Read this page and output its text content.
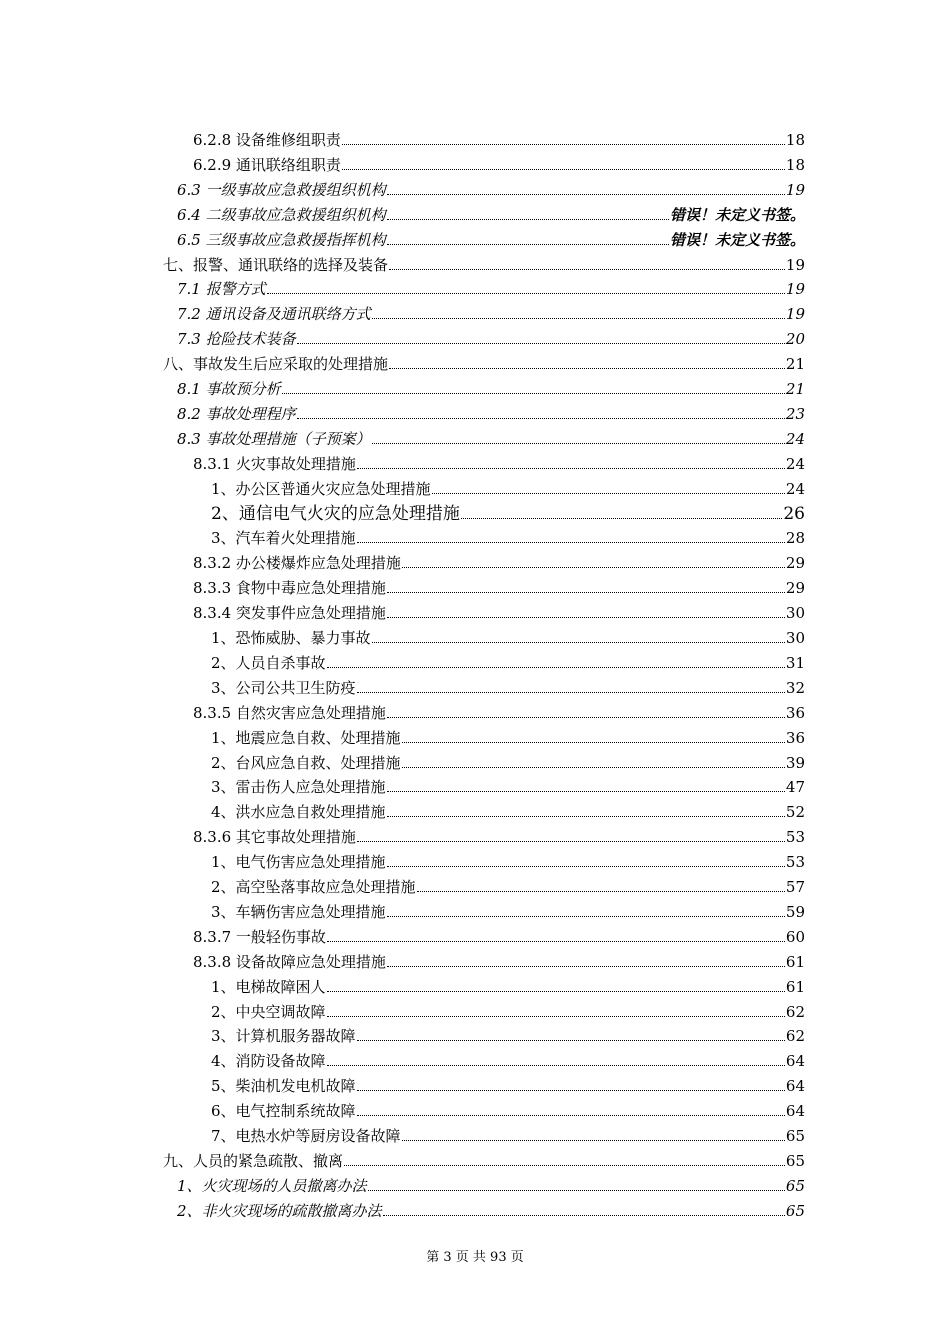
6.2.8 设备维修组职责	18
6.2.9 通讯联络组职责	18
6.3 一级事故应急救援组织机构	19
6.4 二级事故应急救援组织机构	错误！未定义书签。
6.5 三级事故应急救援指挥机构	错误！未定义书签。
七、报警、通讯联络的选择及装备	19
7.1 报警方式	19
7.2 通讯设备及通讯联络方式	19
7.3 抢险技术装备	20
八、事故发生后应采取的处理措施	21
8.1 事故预分析	21
8.2 事故处理程序	23
8.3 事故处理措施（子预案）	24
8.3.1 火灾事故处理措施	24
1、办公区普通火灾应急处理措施	24
2、通信电气火灾的应急处理措施	26
3、汽车着火处理措施	28
8.3.2 办公楼爆炸应急处理措施	29
8.3.3 食物中毒应急处理措施	29
8.3.4 突发事件应急处理措施	30
1、恐怖威胁、暴力事故	30
2、人员自杀事故	31
3、公司公共卫生防疫	32
8.3.5 自然灾害应急处理措施	36
1、地震应急自救、处理措施	36
2、台风应急自救、处理措施	39
3、雷击伤人应急处理措施	47
4、洪水应急自救处理措施	52
8.3.6 其它事故处理措施	53
1、电气伤害应急处理措施	53
2、高空坠落事故应急处理措施	57
3、车辆伤害应急处理措施	59
8.3.7 一般轻伤事故	60
8.3.8 设备故障应急处理措施	61
1、电梯故障困人	61
2、中央空调故障	62
3、计算机服务器故障	62
4、消防设备故障	64
5、柴油机发电机故障	64
6、电气控制系统故障	64
7、电热水炉等厨房设备故障	65
九、人员的紧急疏散、撤离	65
1、火灾现场的人员撤离办法	65
2、非火灾现场的疏散撤离办法	65
第 3 页 共 93 页
